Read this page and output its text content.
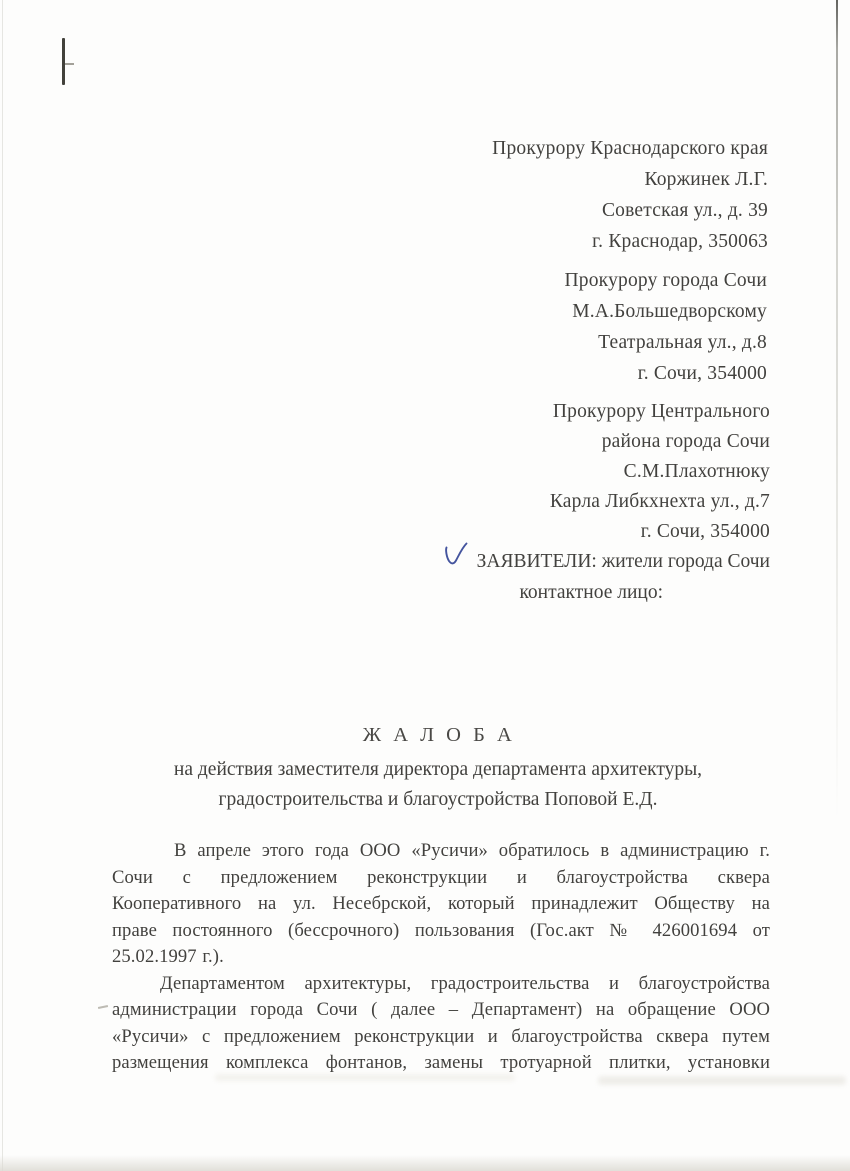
Прокурору Краснодарского края
Коржинек Л.Г.
Советская ул., д. 39
г. Краснодар, 350063
Прокурору города Сочи
М.А.Большедворскому
Театральная ул., д.8
г. Сочи, 354000
Прокурору Центрального
района города Сочи
С.М.Плахотнюку
Карла Либкхнехта ул., д.7
г. Сочи, 354000
ЗАЯВИТЕЛИ: жители города Сочи
контактное лицо:
Ж А Л О Б А
на действия заместителя директора департамента архитектуры,
градостроительства и благоустройства Поповой Е.Д.
В апреле этого года ООО «Русичи» обратилось в администрацию г.
Сочи с предложением реконструкции и благоустройства сквера
Кооперативного на ул. Несебрской, который принадлежит Обществу на
праве постоянного (бессрочного) пользования (Гос.акт № 426001694 от
25.02.1997 г.).
Департаментом архитектуры, градостроительства и благоустройства
администрации города Сочи ( далее – Департамент) на обращение ООО
«Русичи» с предложением реконструкции и благоустройства сквера путем
размещения комплекса фонтанов, замены тротуарной плитки, установки
